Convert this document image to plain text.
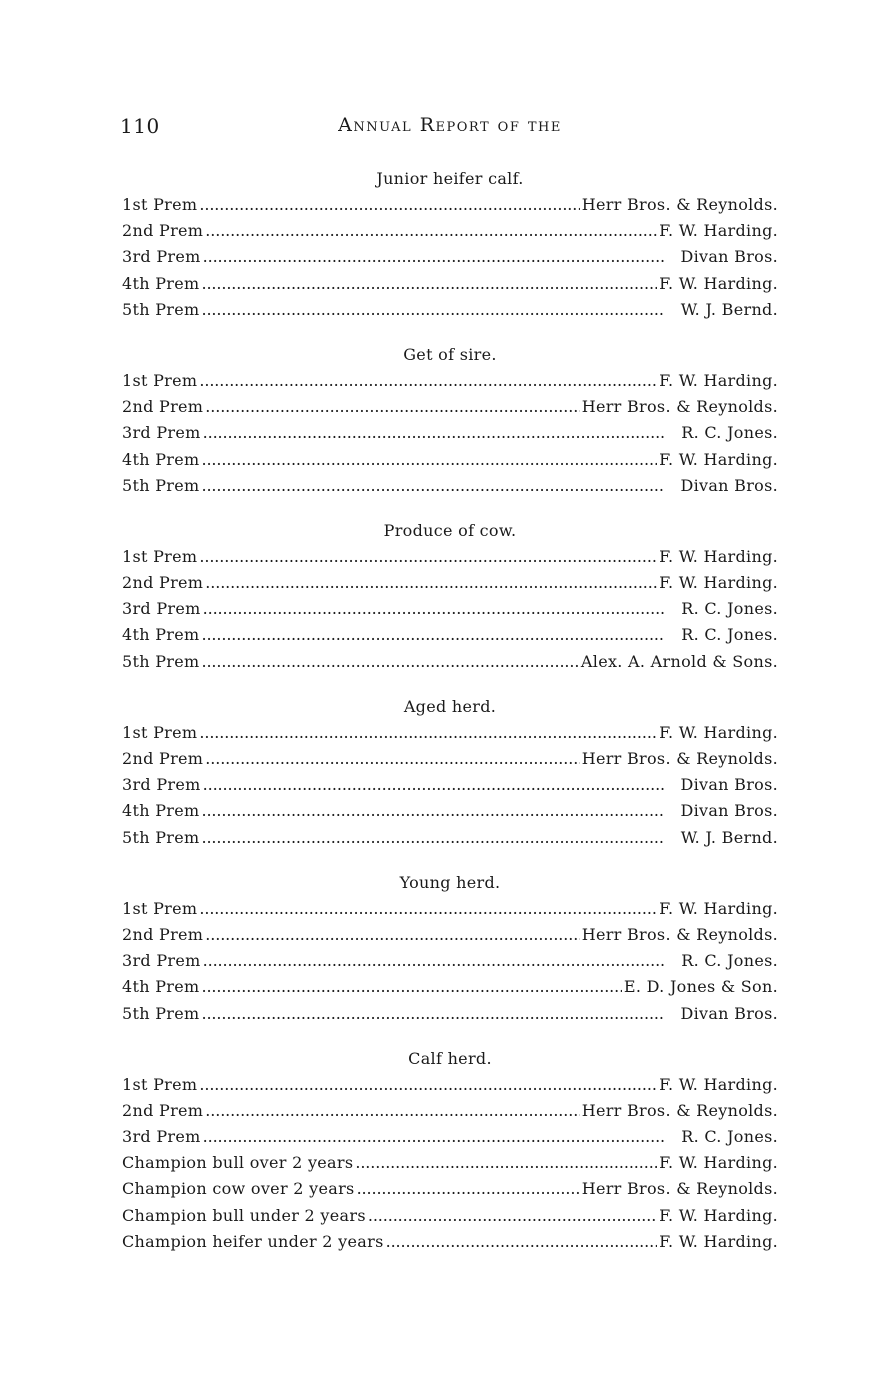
110	Annual Report of the
Junior heifer calf.
1st Prem . . .	Herr Bros. & Reynolds.
2nd Prem . . .	F. W. Harding.
3rd Prem . . .	Divan Bros.
4th Prem . . .	F. W. Harding.
5th Prem . . .	W. J. Bernd.
Get of sire.
1st Prem . . .	F. W. Harding.
2nd Prem . . .	Herr Bros. & Reynolds.
3rd Prem . . .	R. C. Jones.
4th Prem . . .	F. W. Harding.
5th Prem . . .	Divan Bros.
Produce of cow.
1st Prem . . .	F. W. Harding.
2nd Prem . . .	F. W. Harding.
3rd Prem . . .	R. C. Jones.
4th Prem . . .	R. C. Jones.
5th Prem . . .	Alex. A. Arnold & Sons.
Aged herd.
1st Prem . . .	F. W. Harding.
2nd Prem . . .	Herr Bros. & Reynolds.
3rd Prem . . .	Divan Bros.
4th Prem . . .	Divan Bros.
5th Prem . . .	W. J. Bernd.
Young herd.
1st Prem . . .	F. W. Harding.
2nd Prem . . .	Herr Bros. & Reynolds.
3rd Prem . . .	R. C. Jones.
4th Prem . . .	E. D. Jones & Son.
5th Prem . . .	Divan Bros.
Calf herd.
1st Prem . . .	F. W. Harding.
2nd Prem . . .	Herr Bros. & Reynolds.
3rd Prem . . .	R. C. Jones.
Champion bull over 2 years . . .	F. W. Harding.
Champion cow over 2 years . . .	Herr Bros. & Reynolds.
Champion bull under 2 years . . .	F. W. Harding.
Champion heifer under 2 years . . .	F. W. Harding.
